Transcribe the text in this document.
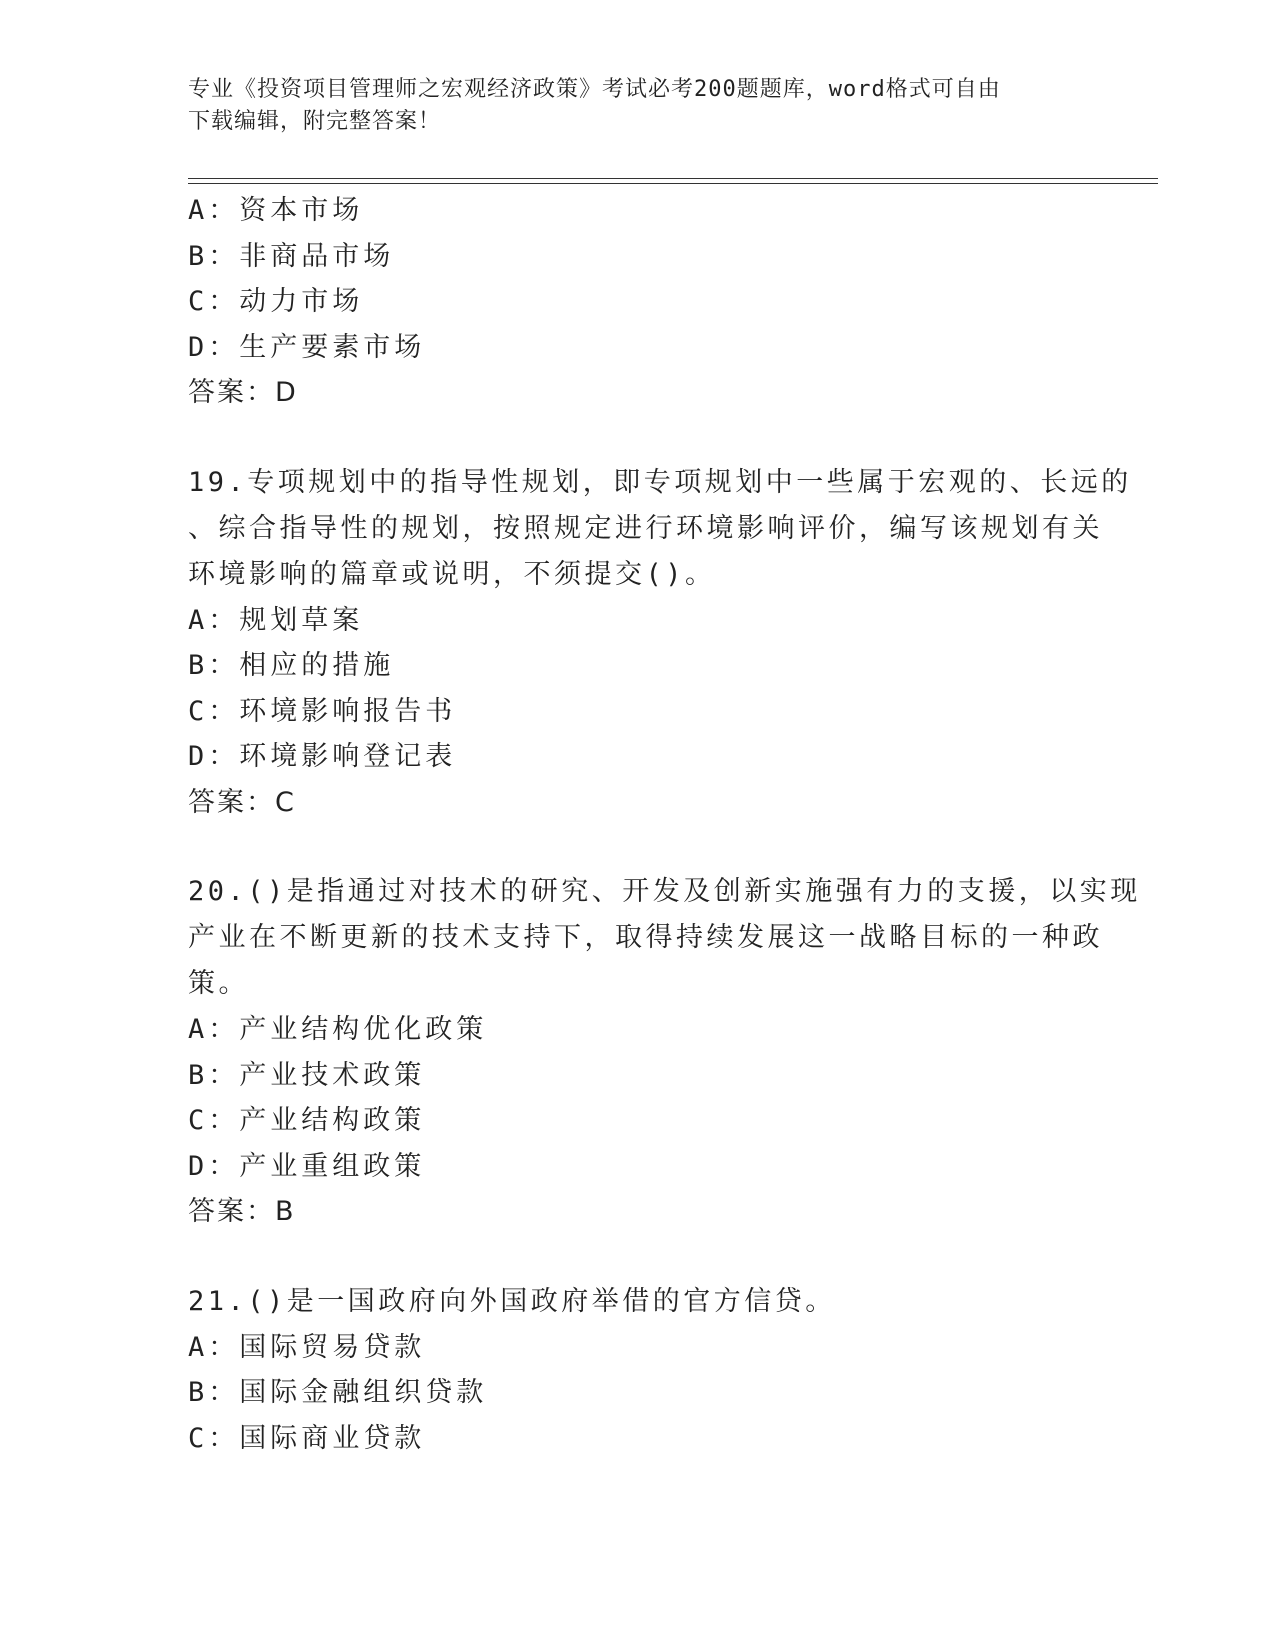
专业《投资项目管理师之宏观经济政策》考试必考200题题库，word格式可自由
下载编辑，附完整答案！
A：资本市场
B：非商品市场
C：动力市场
D：生产要素市场
答案：D
19.专项规划中的指导性规划，即专项规划中一些属于宏观的、长远的
、综合指导性的规划，按照规定进行环境影响评价，编写该规划有关
环境影响的篇章或说明，不须提交()。
A：规划草案
B：相应的措施
C：环境影响报告书
D：环境影响登记表
答案：C
20.()是指通过对技术的研究、开发及创新实施强有力的支援，以实现
产业在不断更新的技术支持下，取得持续发展这一战略目标的一种政
策。
A：产业结构优化政策
B：产业技术政策
C：产业结构政策
D：产业重组政策
答案：B
21.()是一国政府向外国政府举借的官方信贷。
A：国际贸易贷款
B：国际金融组织贷款
C：国际商业贷款
